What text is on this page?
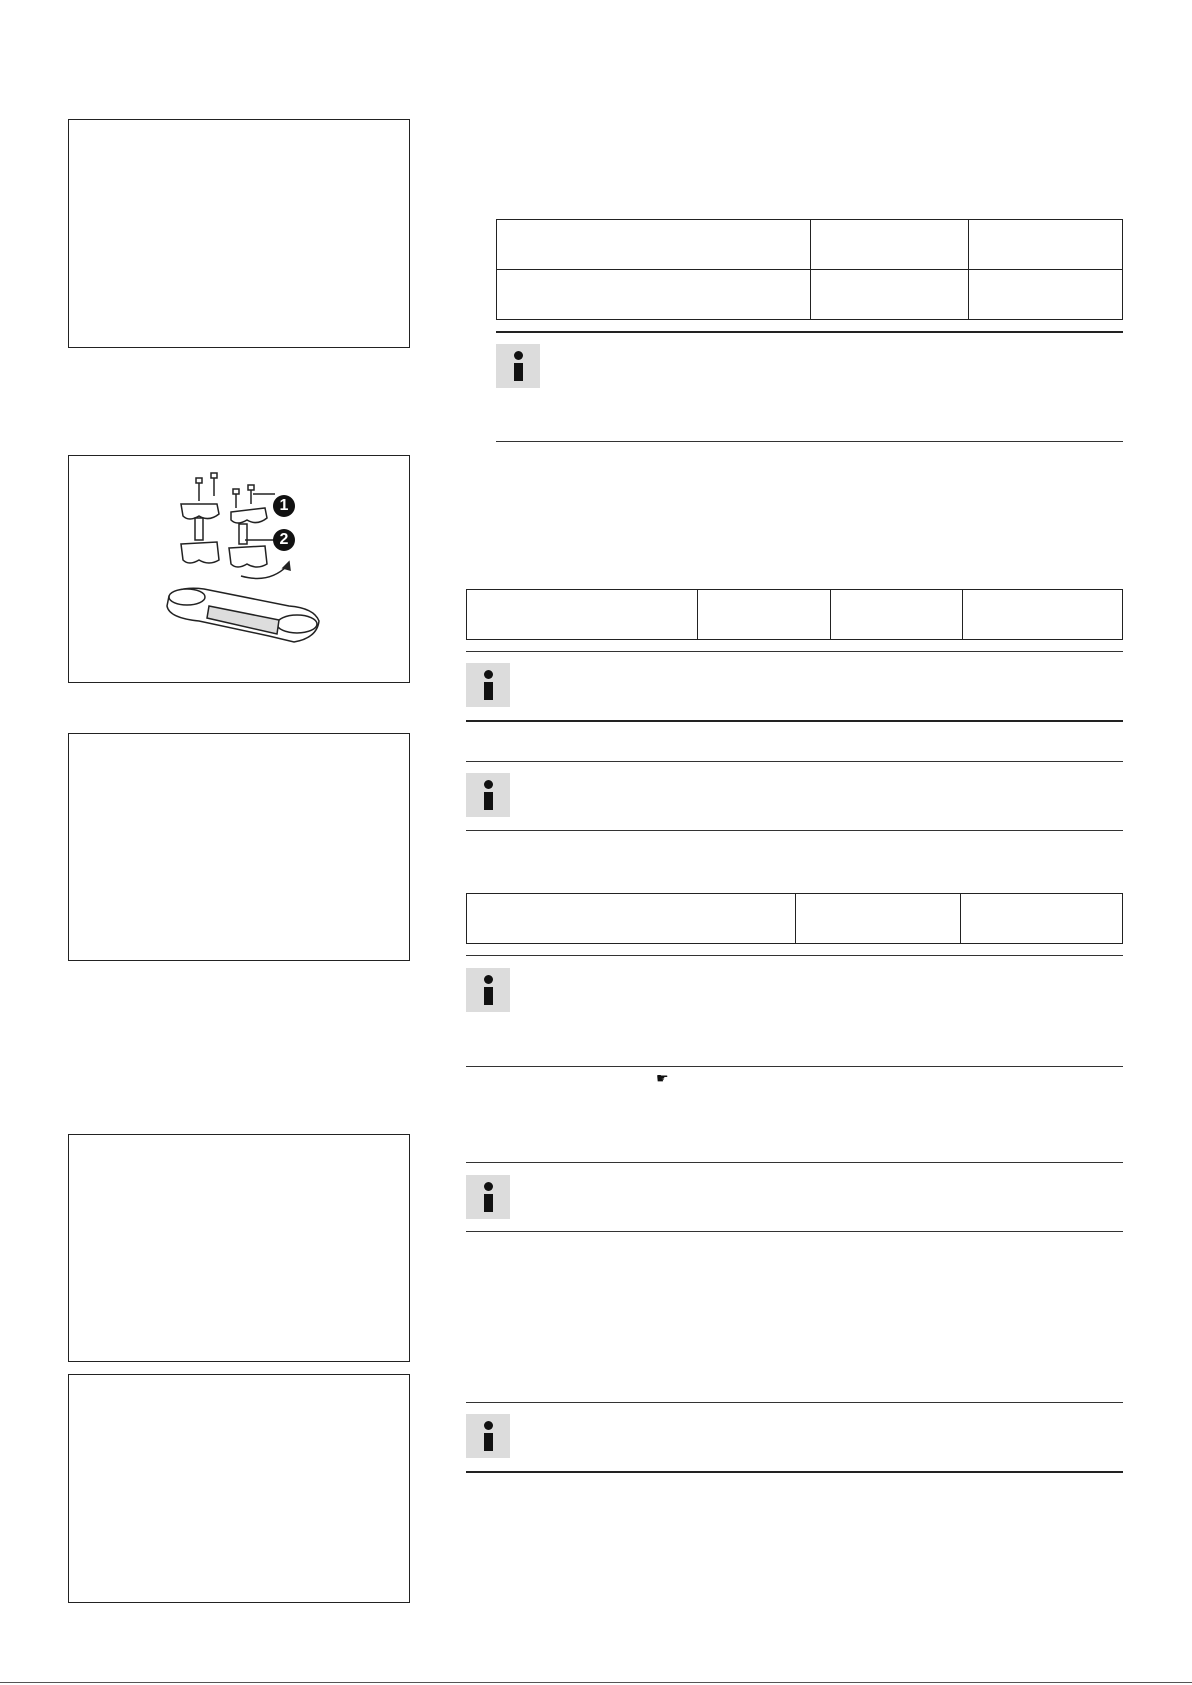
1
2

☛
